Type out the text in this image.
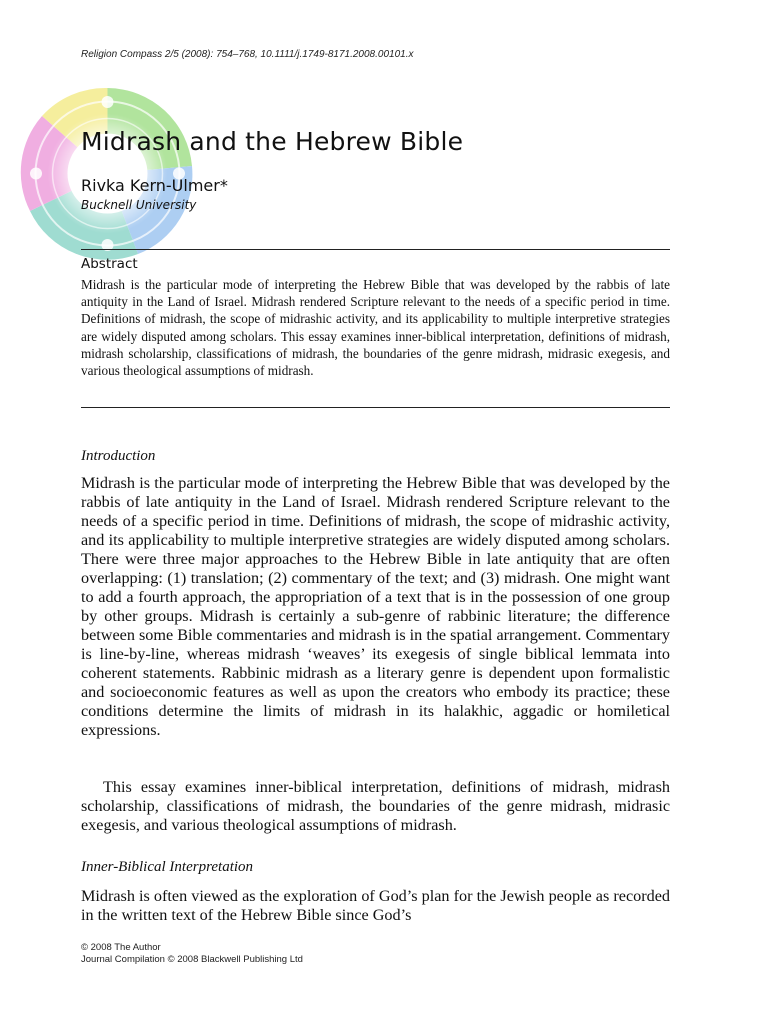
Religion Compass 2/5 (2008): 754–768, 10.1111/j.1749-8171.2008.00101.x
Midrash and the Hebrew Bible
Rivka Kern-Ulmer*
Bucknell University
Abstract

Midrash is the particular mode of interpreting the Hebrew Bible that was developed by the rabbis of late antiquity in the Land of Israel. Midrash rendered Scripture relevant to the needs of a specific period in time. Definitions of midrash, the scope of midrashic activity, and its applicability to multiple interpretive strategies are widely disputed among scholars. This essay examines inner-biblical interpretation, definitions of midrash, midrash scholarship, classifications of midrash, the boundaries of the genre midrash, midrasic exegesis, and various theological assumptions of midrash.

Introduction

Midrash is the particular mode of interpreting the Hebrew Bible that was developed by the rabbis of late antiquity in the Land of Israel. Midrash rendered Scripture relevant to the needs of a specific period in time. Definitions of midrash, the scope of midrashic activity, and its applicability to multiple interpretive strategies are widely disputed among scholars. There were three major approaches to the Hebrew Bible in late antiquity that are often overlapping: (1) translation; (2) commentary of the text; and (3) midrash. One might want to add a fourth approach, the appropriation of a text that is in the possession of one group by other groups. Midrash is certainly a sub-genre of rabbinic literature; the difference between some Bible commentaries and midrash is in the spatial arrangement. Commentary is line-by-line, whereas midrash ‘weaves’ its exegesis of single biblical lemmata into coherent statements. Rabbinic midrash as a literary genre is dependent upon formalistic and socioeconomic features as well as upon the creators who embody its practice; these conditions determine the limits of midrash in its halakhic, aggadic or homiletical expressions.

This essay examines inner-biblical interpretation, definitions of midrash, midrash scholarship, classifications of midrash, the boundaries of the genre midrash, midrasic exegesis, and various theological assumptions of midrash.

Inner-Biblical Interpretation

Midrash is often viewed as the exploration of God’s plan for the Jewish people as recorded in the written text of the Hebrew Bible since God’s

© 2008 The Author
Journal Compilation © 2008 Blackwell Publishing Ltd
